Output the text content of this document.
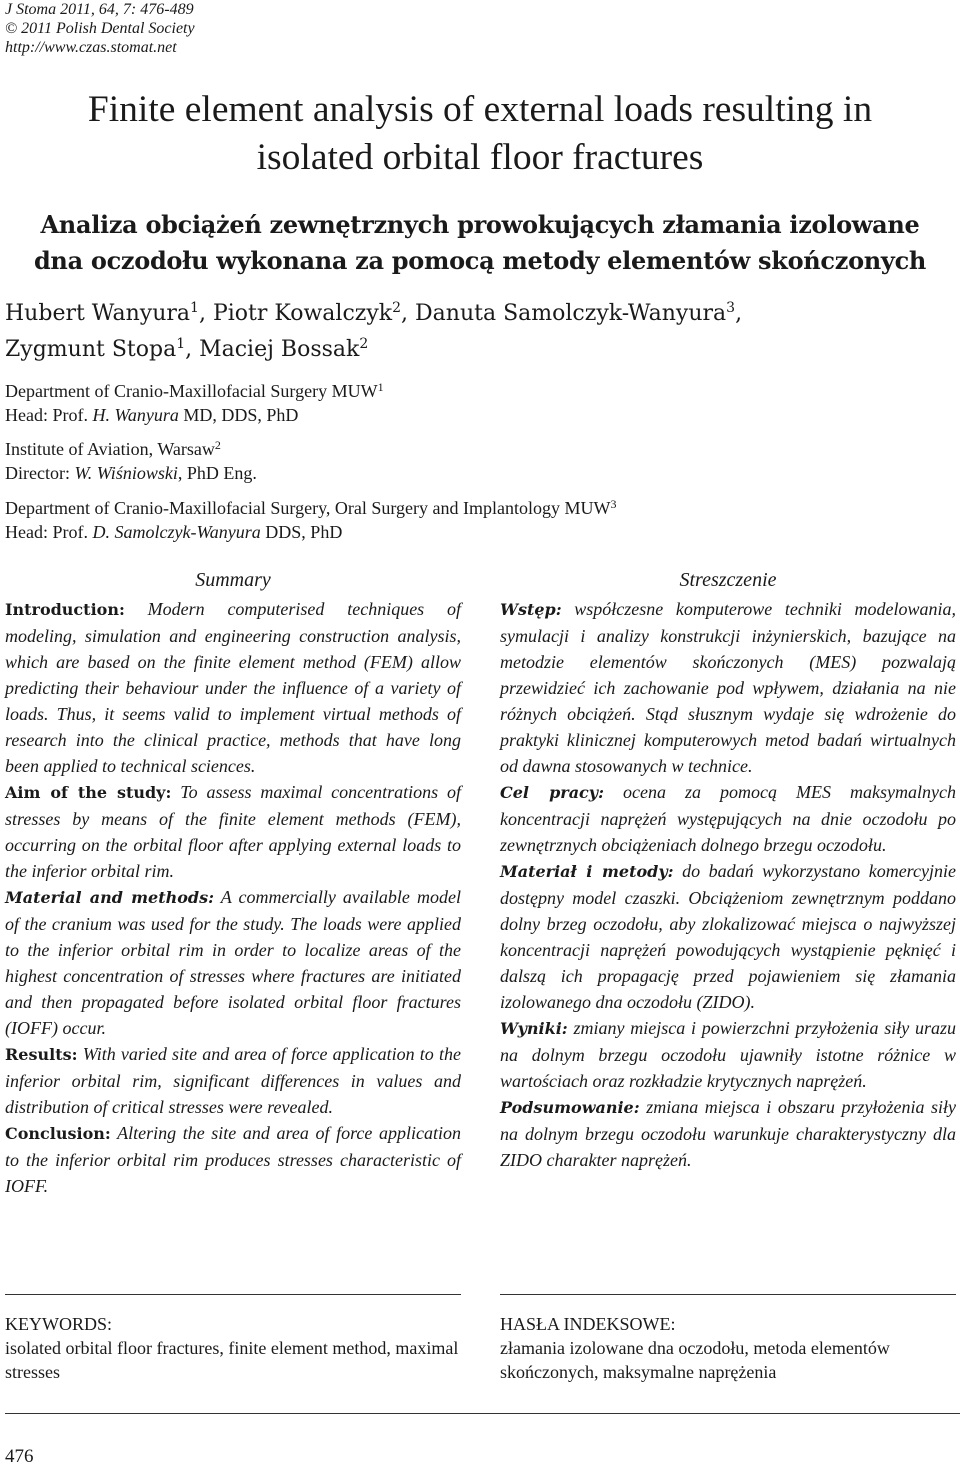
J Stoma 2011, 64, 7: 476-489
© 2011 Polish Dental Society
http://www.czas.stomat.net
Finite element analysis of external loads resulting in
isolated orbital floor fractures
Analiza obciążeń zewnętrznych prowokujących złamania izolowane
dna oczodołu wykonana za pomocą metody elementów skończonych
Hubert Wanyura$^1$, Piotr Kowalczyk$^2$, Danuta Samolczyk-Wanyura$^3$,
Zygmunt Stopa$^1$, Maciej Bossak$^2$
Department of Cranio-Maxillofacial Surgery MUW$^1$
Head: Prof. H. Wanyura MD, DDS, PhD
Institute of Aviation, Warsaw$^2$
Director: W. Wiśniowski, PhD Eng.
Department of Cranio-Maxillofacial Surgery, Oral Surgery and Implantology MUW$^3$
Head: Prof. D. Samolczyk-Wanyura DDS, PhD
Summary

Introduction: Modern computerised techniques of modeling, simulation and engineering construction analysis, which are based on the finite element method (FEM) allow predicting their behaviour under the influence of a variety of loads. Thus, it seems valid to implement virtual methods of research into the clinical practice, methods that have long been applied to technical sciences.

Aim of the study: To assess maximal concentrations of stresses by means of the finite element methods (FEM), occurring on the orbital floor after applying external loads to the inferior orbital rim.

Material and methods: A commercially available model of the cranium was used for the study. The loads were applied to the inferior orbital rim in order to localize areas of the highest concentration of stresses where fractures are initiated and then propagated before isolated orbital floor fractures (IOFF) occur.

Results: With varied site and area of force application to the inferior orbital rim, significant differences in values and distribution of critical stresses were revealed.

Conclusion: Altering the site and area of force application to the inferior orbital rim produces stresses characteristic of IOFF.

Streszczenie

Wstęp: współczesne komputerowe techniki modelowania, symulacji i analizy konstrukcji inżynierskich, bazujące na metodzie elementów skończonych (MES) pozwalają przewidzieć ich zachowanie pod wpływem, działania na nie różnych obciążeń. Stąd słusznym wydaje się wdrożenie do praktyki klinicznej komputerowych metod badań wirtualnych od dawna stosowanych w technice.

Cel pracy: ocena za pomocą MES maksymalnych koncentracji naprężeń występujących na dnie oczodołu po zewnętrznych obciążeniach dolnego brzegu oczodołu.

Materiał i metody: do badań wykorzystano komercyjnie dostępny model czaszki. Obciążeniom zewnętrznym poddano dolny brzeg oczodołu, aby zlokalizować miejsca o najwyższej koncentracji naprężeń powodujących wystąpienie pęknięć i dalszą ich propagację przed pojawieniem się złamania izolowanego dna oczodołu (ZIDO).

Wyniki: zmiany miejsca i powierzchni przyłożenia siły urazu na dolnym brzegu oczodołu ujawniły istotne różnice w wartościach oraz rozkładzie krytycznych naprężeń.

Podsumowanie: zmiana miejsca i obszaru przyłożenia siły na dolnym brzegu oczodołu warunkuje charakterystyczny dla ZIDO charakter naprężeń.

KEYWORDS:
isolated orbital floor fractures, finite element method, maximal stresses
HASŁA INDEKSOWE:
złamania izolowane dna oczodołu, metoda elementów skończonych, maksymalne naprężenia
476
